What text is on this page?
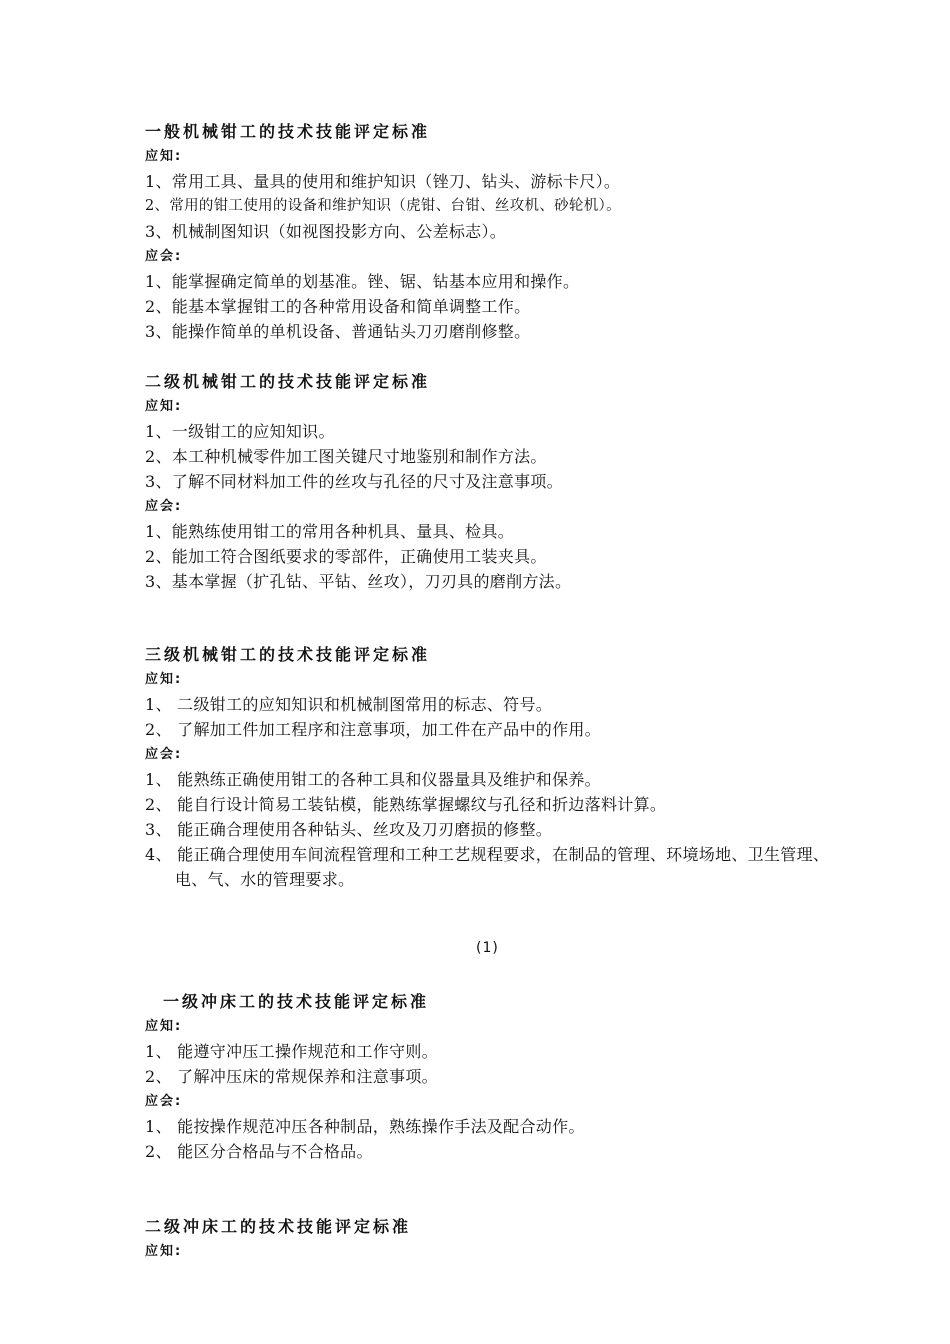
一般机械钳工的技术技能评定标准
应知:
1、常用工具、量具的使用和维护知识（锉刀、钻头、游标卡尺）。
2、常用的钳工使用的设备和维护知识（虎钳、台钳、丝攻机、砂轮机）。
3、机械制图知识（如视图投影方向、公差标志）。
应会:
1、能掌握确定简单的划基准。锉、锯、钻基本应用和操作。
2、能基本掌握钳工的各种常用设备和简单调整工作。
3、能操作简单的单机设备、普通钻头刀刃磨削修整。
二级机械钳工的技术技能评定标准
应知:
1、一级钳工的应知知识。
2、本工种机械零件加工图关键尺寸地鉴别和制作方法。
3、了解不同材料加工件的丝攻与孔径的尺寸及注意事项。
应会:
1、能熟练使用钳工的常用各种机具、量具、检具。
2、能加工符合图纸要求的零部件，正确使用工装夹具。
3、基本掌握（扩孔钻、平钻、丝攻），刀刃具的磨削方法。
三级机械钳工的技术技能评定标准
应知:
1、 二级钳工的应知知识和机械制图常用的标志、符号。
2、 了解加工件加工程序和注意事项，加工件在产品中的作用。
应会:
1、 能熟练正确使用钳工的各种工具和仪器量具及维护和保养。
2、 能自行设计简易工装钻模，能熟练掌握螺纹与孔径和折边落料计算。
3、 能正确合理使用各种钻头、丝攻及刀刃磨损的修整。
4、 能正确合理使用车间流程管理和工种工艺规程要求，在制品的管理、环境场地、卫生管理、电、气、水的管理要求。
(1)
一级冲床工的技术技能评定标准
应知:
1、 能遵守冲压工操作规范和工作守则。
2、 了解冲压床的常规保养和注意事项。
应会:
1、 能按操作规范冲压各种制品，熟练操作手法及配合动作。
2、 能区分合格品与不合格品。
二级冲床工的技术技能评定标准
应知:
